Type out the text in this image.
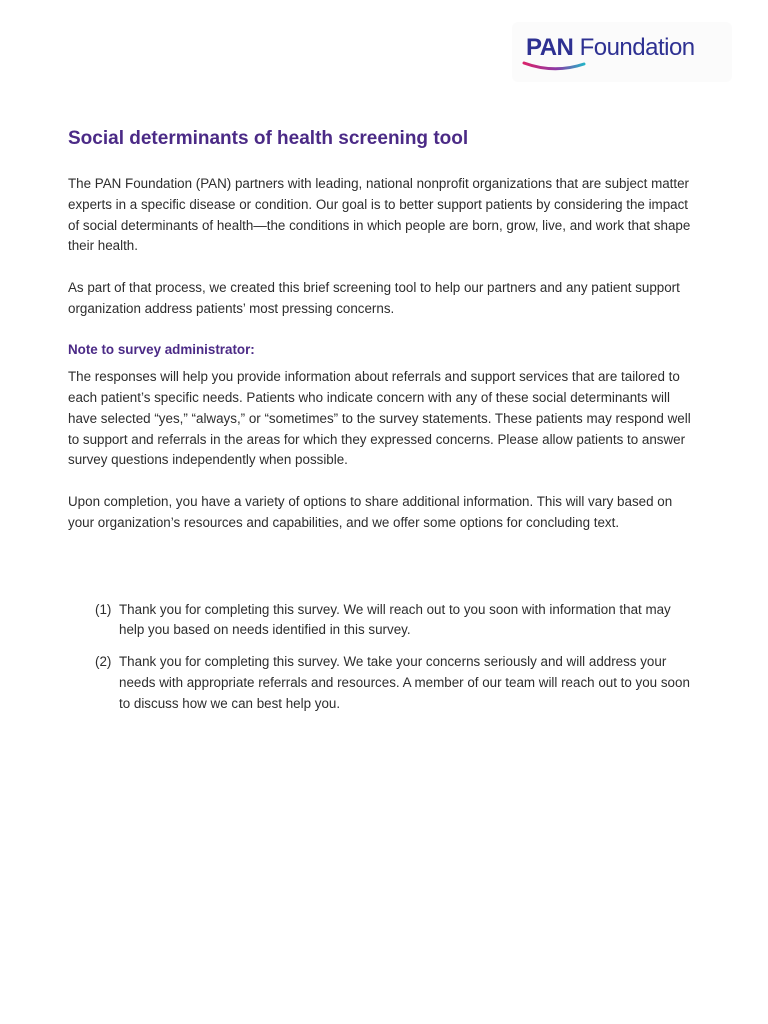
PAN Foundation
Social determinants of health screening tool

The PAN Foundation (PAN) partners with leading, national nonprofit organizations that are subject matter experts in a specific disease or condition. Our goal is to better support patients by considering the impact of social determinants of health—the conditions in which people are born, grow, live, and work that shape their health.

As part of that process, we created this brief screening tool to help our partners and any patient support organization address patients’ most pressing concerns.

Note to survey administrator:

The responses will help you provide information about referrals and support services that are tailored to each patient’s specific needs. Patients who indicate concern with any of these social determinants will have selected “yes,” “always,” or “sometimes” to the survey statements. These patients may respond well to support and referrals in the areas for which they expressed concerns. Please allow patients to answer survey questions independently when possible.

Upon completion, you have a variety of options to share additional information. This will vary based on your organization’s resources and capabilities, and we offer some options for concluding text.

(1) Thank you for completing this survey. We will reach out to you soon with information that may help you based on needs identified in this survey.
(2) Thank you for completing this survey. We take your concerns seriously and will address your needs with appropriate referrals and resources. A member of our team will reach out to you soon to discuss how we can best help you.
